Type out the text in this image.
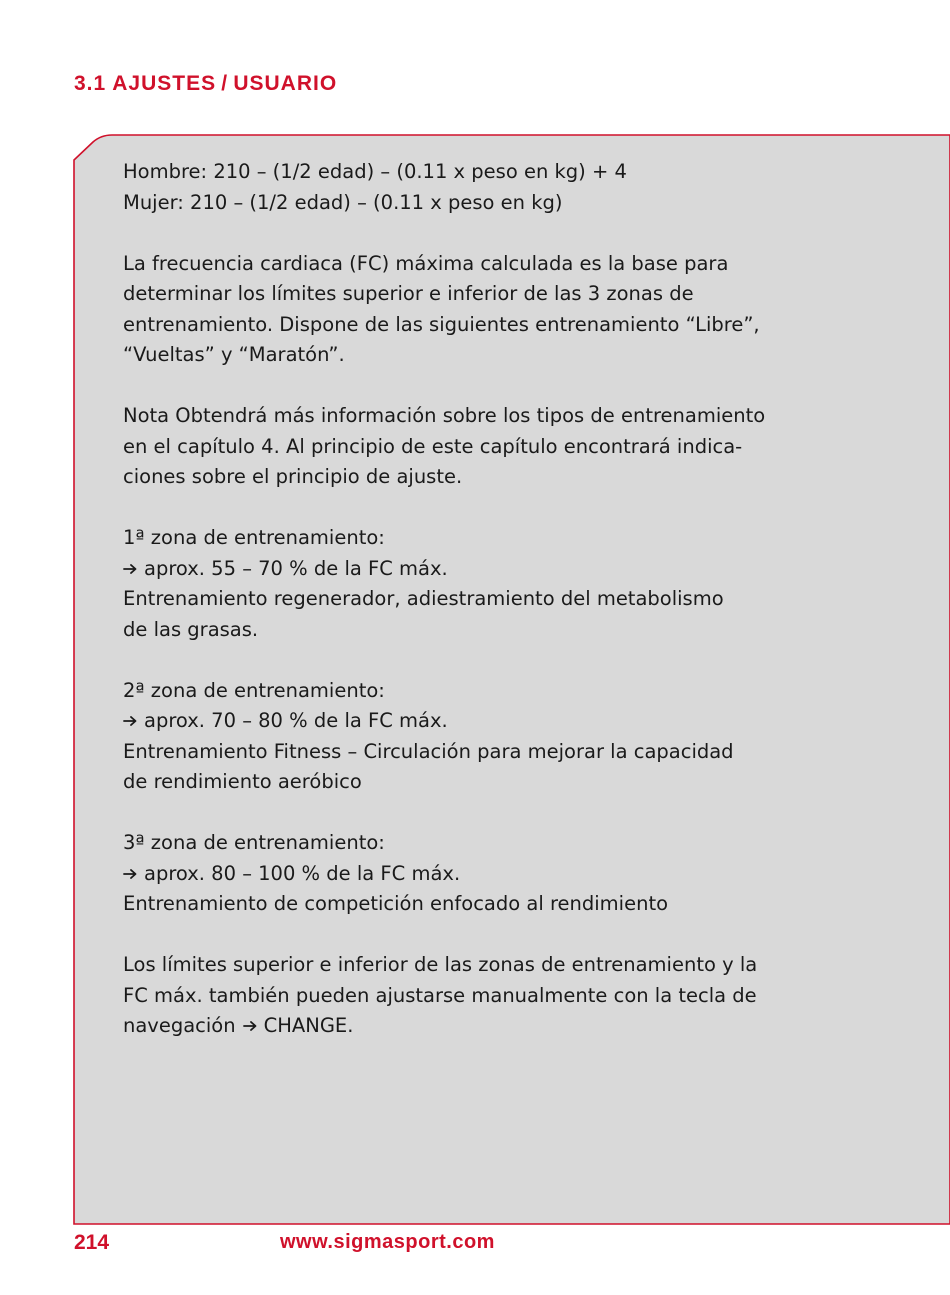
3.1 AJUSTES / USUARIO

Hombre: 210 – (1/2 edad) – (0.11 x peso en kg) + 4

Mujer: 210 – (1/2 edad) – (0.11 x peso en kg)

La frecuencia cardiaca (FC) máxima calculada es la base para

determinar los límites superior e inferior de las 3 zonas de

entrenamiento. Dispone de las siguientes entrenamiento “Libre”,

“Vueltas” y “Maratón”.

Nota Obtendrá más información sobre los tipos de entrenamiento

en el capítulo 4. Al principio de este capítulo encontrará indica-

ciones sobre el principio de ajuste.

1ª zona de entrenamiento:

aprox. 55 – 70 % de la FC máx.

Entrenamiento regenerador, adiestramiento del metabolismo

de las grasas.

2ª zona de entrenamiento:

aprox. 70 – 80 % de la FC máx.

Entrenamiento Fitness – Circulación para mejorar la capacidad

de rendimiento aeróbico

3ª zona de entrenamiento:

aprox. 80 – 100 % de la FC máx.

Entrenamiento de competición enfocado al rendimiento

Los límites superior e inferior de las zonas de entrenamiento y la

FC máx. también pueden ajustarse manualmente con la tecla de

navegación CHANGE.

214	www.sigmasport.com
